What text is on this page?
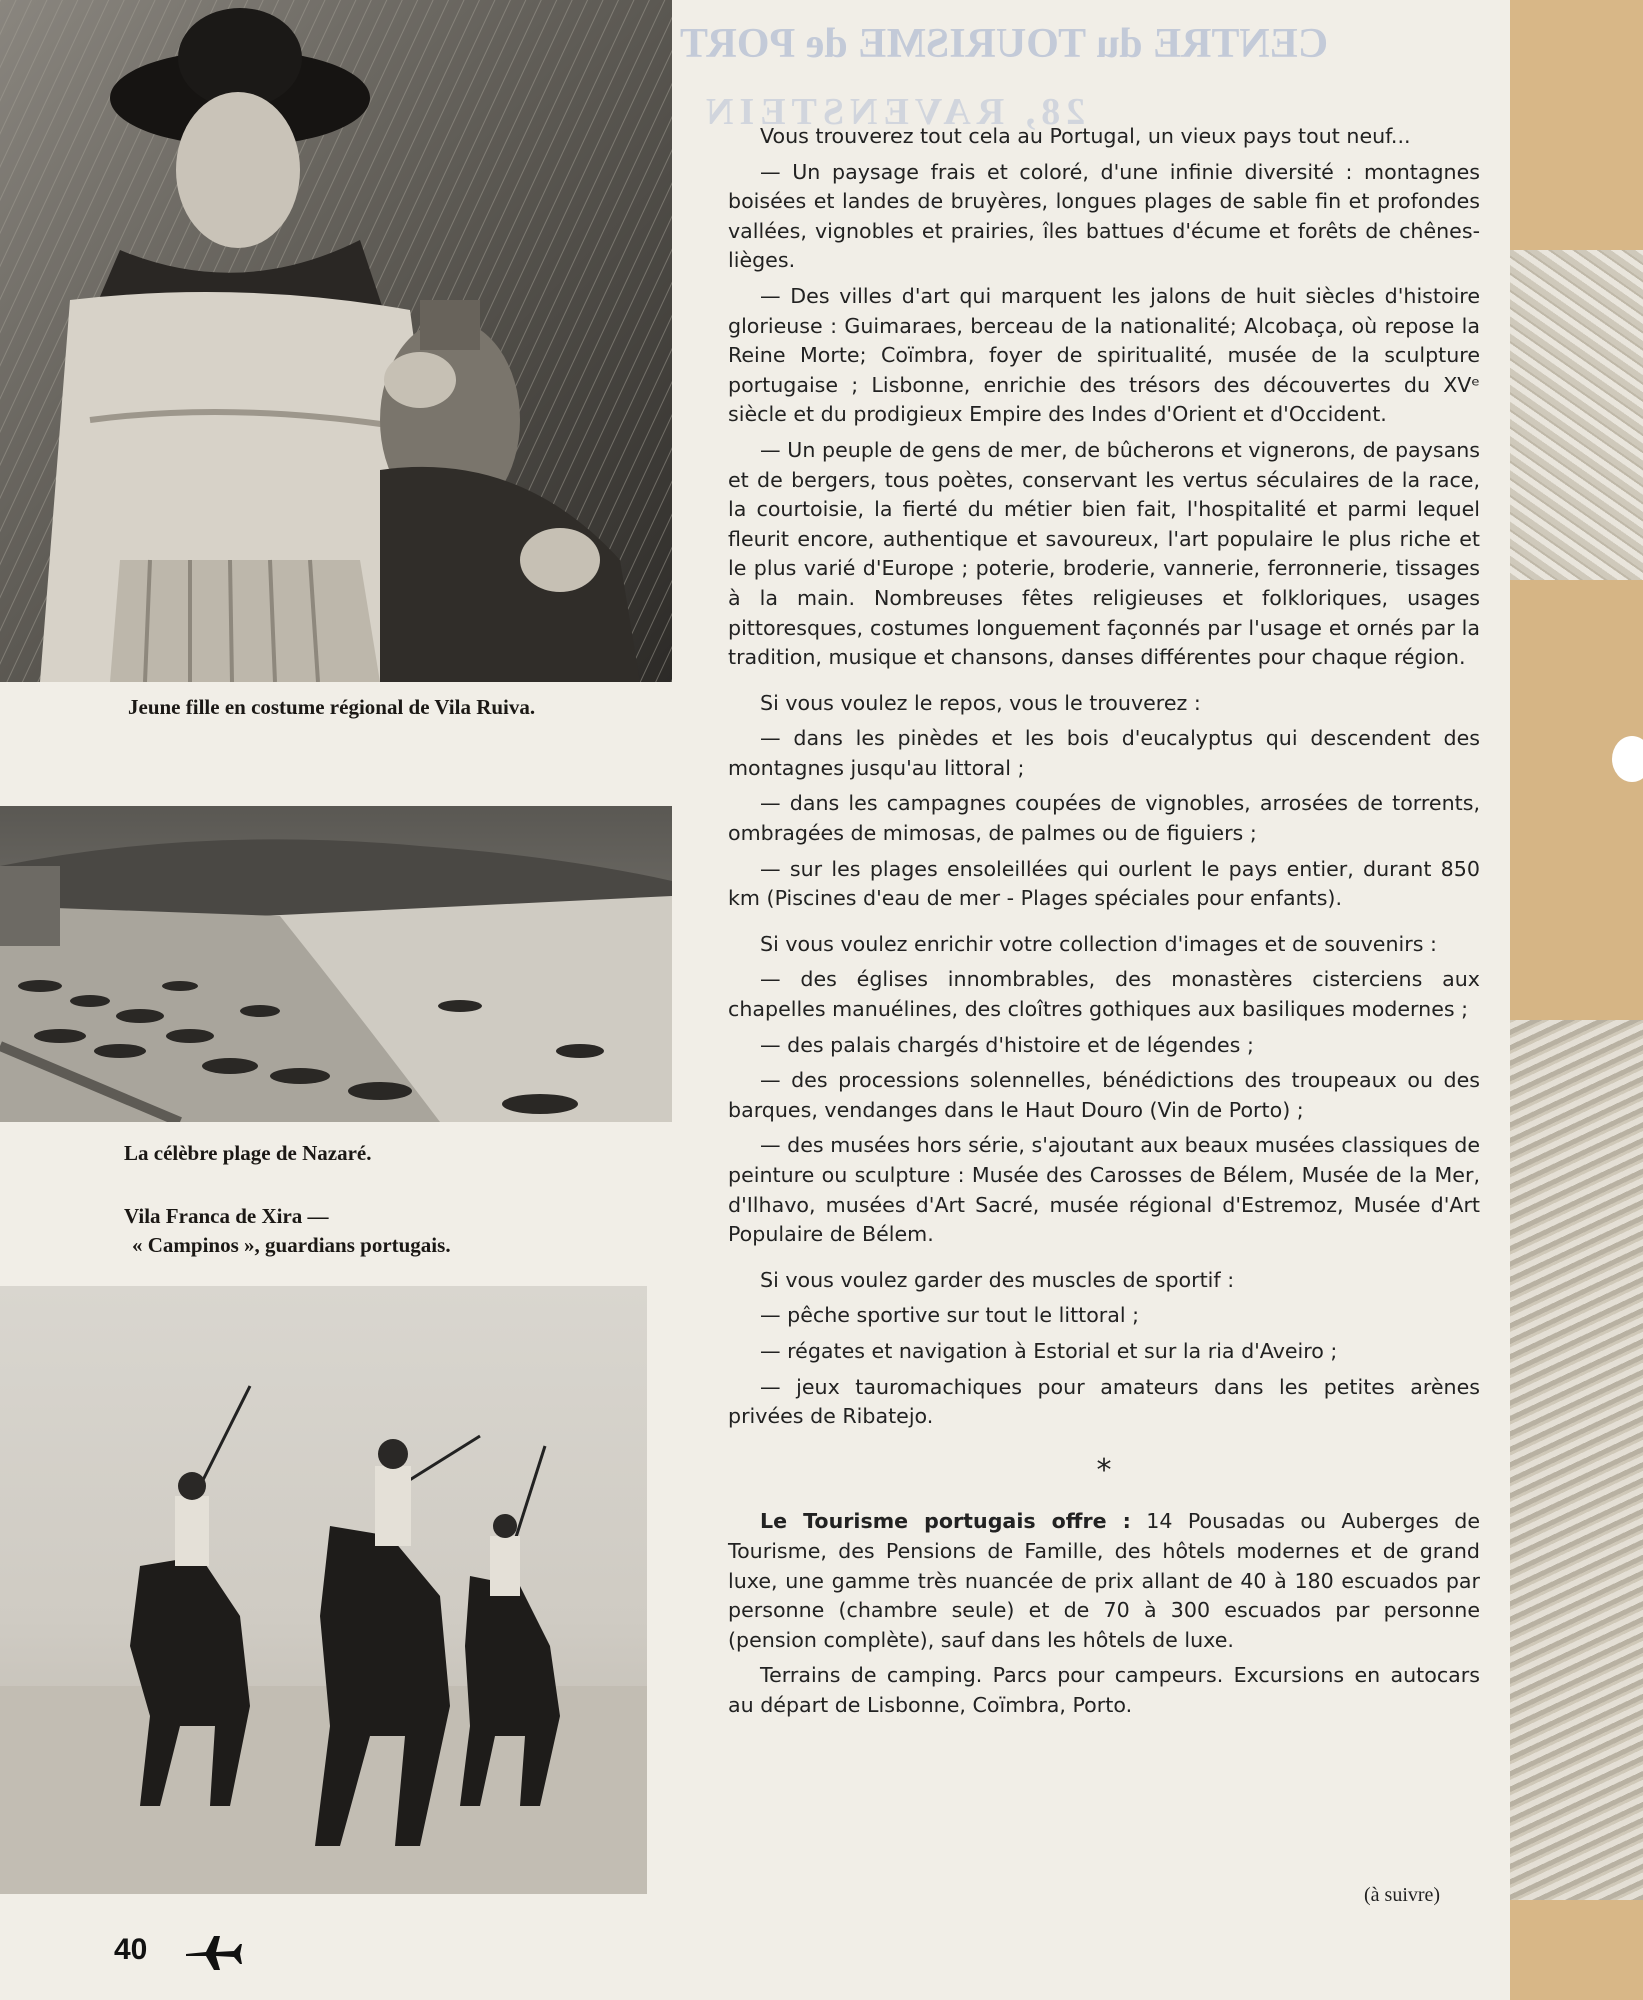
CENTRE du TOURISME de PORT
28, RAVENSTEIN
Jeune fille en costume régional de Vila Ruiva.
La célèbre plage de Nazaré.
Vila Franca de Xira —
« Campinos », guardians portugais.

Vous trouverez tout cela au Portugal, un vieux pays tout neuf...

— Un paysage frais et coloré, d'une infinie diversité : montagnes boisées et landes de bruyères, longues plages de sable fin et profondes vallées, vignobles et prairies, îles battues d'écume et forêts de chênes-lièges.

— Des villes d'art qui marquent les jalons de huit siècles d'histoire glorieuse : Guimaraes, berceau de la nationalité; Alcobaça, où repose la Reine Morte; Coïmbra, foyer de spiritualité, musée de la sculpture portugaise ; Lisbonne, enrichie des trésors des découvertes du XVᵉ siècle et du prodigieux Empire des Indes d'Orient et d'Occident.

— Un peuple de gens de mer, de bûcherons et vignerons, de paysans et de bergers, tous poètes, conservant les vertus séculaires de la race, la courtoisie, la fierté du métier bien fait, l'hospitalité et parmi lequel fleurit encore, authentique et savoureux, l'art populaire le plus riche et le plus varié d'Europe ; poterie, broderie, vannerie, ferronnerie, tissages à la main. Nombreuses fêtes religieuses et folkloriques, usages pittoresques, costumes longuement façonnés par l'usage et ornés par la tradition, musique et chansons, danses différentes pour chaque région.

Si vous voulez le repos, vous le trouverez :

— dans les pinèdes et les bois d'eucalyptus qui descendent des montagnes jusqu'au littoral ;

— dans les campagnes coupées de vignobles, arrosées de torrents, ombragées de mimosas, de palmes ou de figuiers ;

— sur les plages ensoleillées qui ourlent le pays entier, durant 850 km (Piscines d'eau de mer - Plages spéciales pour enfants).

Si vous voulez enrichir votre collection d'images et de souvenirs :

— des églises innombrables, des monastères cisterciens aux chapelles manuélines, des cloîtres gothiques aux basiliques modernes ;

— des palais chargés d'histoire et de légendes ;

— des processions solennelles, bénédictions des troupeaux ou des barques, vendanges dans le Haut Douro (Vin de Porto) ;

— des musées hors série, s'ajoutant aux beaux musées classiques de peinture ou sculpture : Musée des Carosses de Bélem, Musée de la Mer, d'Ilhavo, musées d'Art Sacré, musée régional d'Estremoz, Musée d'Art Populaire de Bélem.

Si vous voulez garder des muscles de sportif :

— pêche sportive sur tout le littoral ;

— régates et navigation à Estorial et sur la ria d'Aveiro ;

— jeux tauromachiques pour amateurs dans les petites arènes privées de Ribatejo.

*

Le Tourisme portugais offre : 14 Pousadas ou Auberges de Tourisme, des Pensions de Famille, des hôtels modernes et de grand luxe, une gamme très nuancée de prix allant de 40 à 180 escuados par personne (chambre seule) et de 70 à 300 escuados par personne (pension complète), sauf dans les hôtels de luxe.

Terrains de camping. Parcs pour campeurs. Excursions en autocars au départ de Lisbonne, Coïmbra, Porto.

(à suivre)
40
